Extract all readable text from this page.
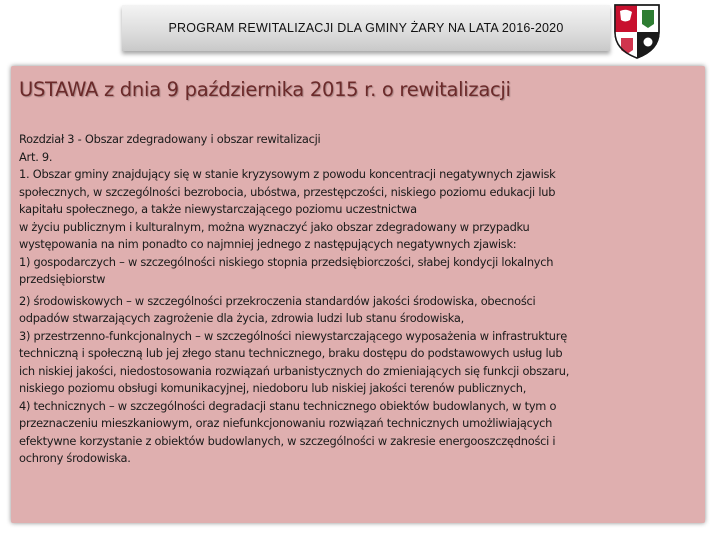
PROGRAM REWITALIZACJI DLA GMINY ŻARY NA LATA 2016-2020
USTAWA z dnia 9 października 2015 r. o rewitalizacji
Rozdział 3 - Obszar zdegradowany i obszar rewitalizacji
Art. 9.
1. Obszar gminy znajdujący się w stanie kryzysowym z powodu koncentracji negatywnych zjawisk
społecznych, w szczególności bezrobocia, ubóstwa, przestępczości, niskiego poziomu edukacji lub
kapitału społecznego, a także niewystarczającego poziomu uczestnictwa
w życiu publicznym i kulturalnym, można wyznaczyć jako obszar zdegradowany w przypadku
występowania na nim ponadto co najmniej jednego z następujących negatywnych zjawisk:
1) gospodarczych – w szczególności niskiego stopnia przedsiębiorczości, słabej kondycji lokalnych
przedsiębiorstw
2) środowiskowych – w szczególności przekroczenia standardów jakości środowiska, obecności
odpadów stwarzających zagrożenie dla życia, zdrowia ludzi lub stanu środowiska,
3) przestrzenno-funkcjonalnych – w szczególności niewystarczającego wyposażenia w infrastrukturę
techniczną i społeczną lub jej złego stanu technicznego, braku dostępu do podstawowych usług lub
ich niskiej jakości, niedostosowania rozwiązań urbanistycznych do zmieniających się funkcji obszaru,
niskiego poziomu obsługi komunikacyjnej, niedoboru lub niskiej jakości terenów publicznych,
4) technicznych – w szczególności degradacji stanu technicznego obiektów budowlanych, w tym o
przeznaczeniu mieszkaniowym, oraz niefunkcjonowaniu rozwiązań technicznych umożliwiających
efektywne korzystanie z obiektów budowlanych, w szczególności w zakresie energooszczędności i
ochrony środowiska.
